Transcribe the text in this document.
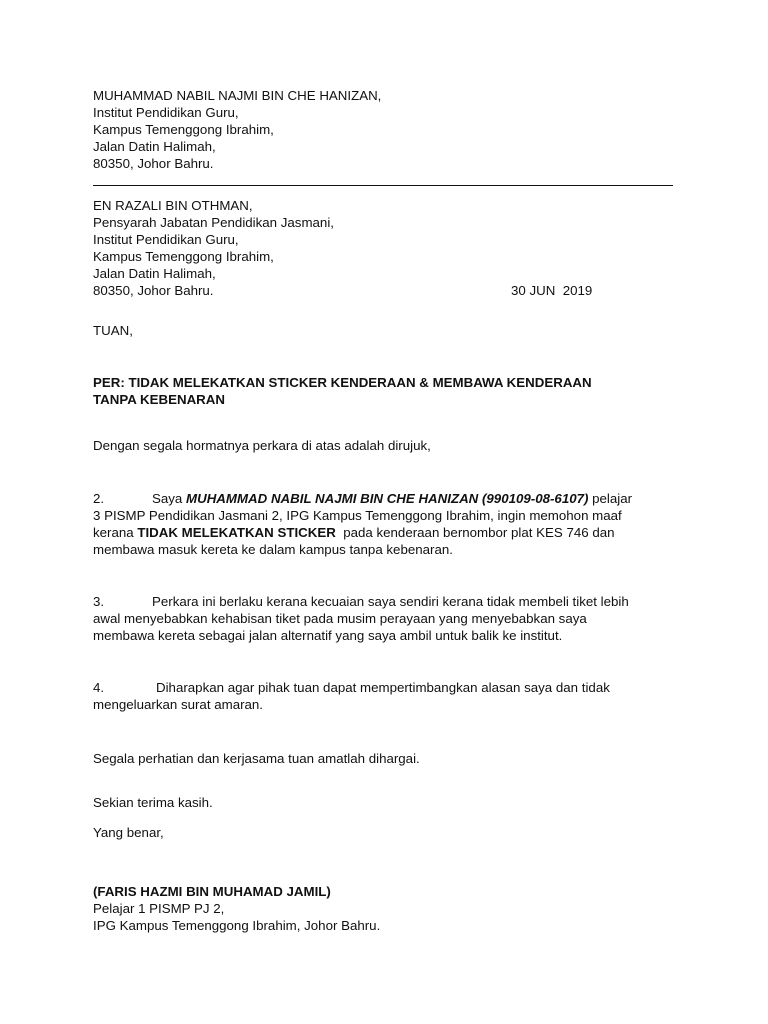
MUHAMMAD NABIL NAJMI BIN CHE HANIZAN,
Institut Pendidikan Guru,
Kampus Temenggong Ibrahim,
Jalan Datin Halimah,
80350, Johor Bahru.
EN RAZALI BIN OTHMAN,
Pensyarah Jabatan Pendidikan Jasmani,
Institut Pendidikan Guru,
Kampus Temenggong Ibrahim,
Jalan Datin Halimah,
80350, Johor Bahru.	30 JUN  2019
TUAN,
PER: TIDAK MELEKATKAN STICKER KENDERAAN & MEMBAWA KENDERAAN
TANPA KEBENARAN
Dengan segala hormatnya perkara di atas adalah dirujuk,
2.	Saya MUHAMMAD NABIL NAJMI BIN CHE HANIZAN (990109-08-6107) pelajar
3 PISMP Pendidikan Jasmani 2, IPG Kampus Temenggong Ibrahim, ingin memohon maaf
kerana TIDAK MELEKATKAN STICKER  pada kenderaan bernombor plat KES 746 dan
membawa masuk kereta ke dalam kampus tanpa kebenaran.
3.	Perkara ini berlaku kerana kecuaian saya sendiri kerana tidak membeli tiket lebih
awal menyebabkan kehabisan tiket pada musim perayaan yang menyebabkan saya
membawa kereta sebagai jalan alternatif yang saya ambil untuk balik ke institut.
4.	Diharapkan agar pihak tuan dapat mempertimbangkan alasan saya dan tidak
mengeluarkan surat amaran.
Segala perhatian dan kerjasama tuan amatlah dihargai.
Sekian terima kasih.
Yang benar,
(FARIS HAZMI BIN MUHAMAD JAMIL)
Pelajar 1 PISMP PJ 2,
IPG Kampus Temenggong Ibrahim, Johor Bahru.
